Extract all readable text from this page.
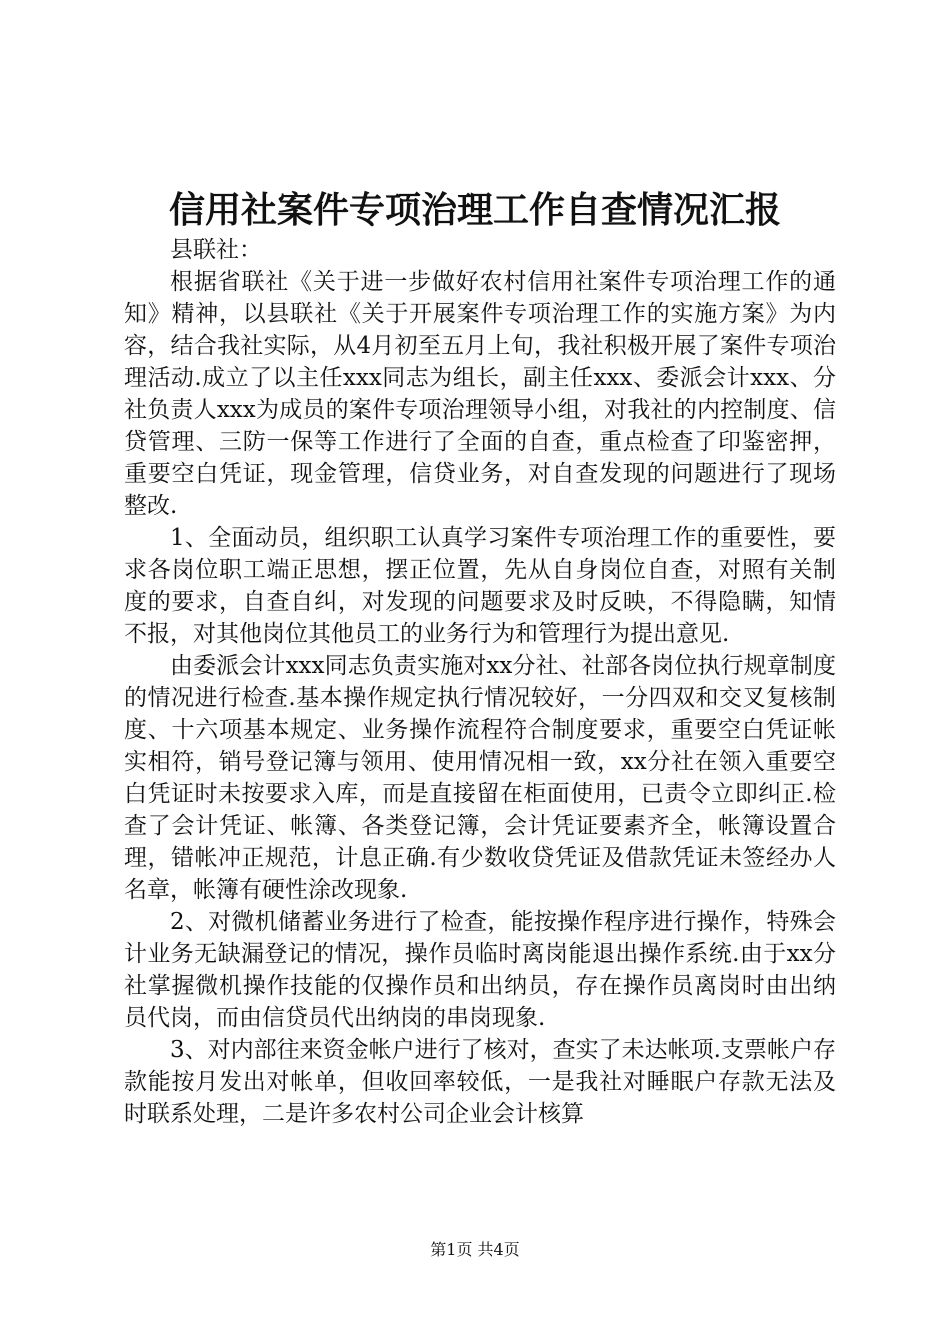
信用社案件专项治理工作自查情况汇报

县联社：

根据省联社《关于进一步做好农村信用社案件专项治理工作的通知》精神，以县联社《关于开展案件专项治理工作的实施方案》为内容，结合我社实际，从4月初至五月上旬，我社积极开展了案件专项治理活动.成立了以主任xxx同志为组长，副主任xxx、委派会计xxx、分社负责人xxx为成员的案件专项治理领导小组，对我社的内控制度、信贷管理、三防一保等工作进行了全面的自查，重点检查了印鉴密押，重要空白凭证，现金管理，信贷业务，对自查发现的问题进行了现场整改.

1、全面动员，组织职工认真学习案件专项治理工作的重要性，要求各岗位职工端正思想，摆正位置，先从自身岗位自查，对照有关制度的要求，自查自纠，对发现的问题要求及时反映，不得隐瞒，知情不报，对其他岗位其他员工的业务行为和管理行为提出意见.

由委派会计xxx同志负责实施对xx分社、社部各岗位执行规章制度的情况进行检查.基本操作规定执行情况较好，一分四双和交叉复核制度、十六项基本规定、业务操作流程符合制度要求，重要空白凭证帐实相符，销号登记簿与领用、使用情况相一致，xx分社在领入重要空白凭证时未按要求入库，而是直接留在柜面使用，已责令立即纠正.检查了会计凭证、帐簿、各类登记簿，会计凭证要素齐全，帐簿设置合理，错帐冲正规范，计息正确.有少数收贷凭证及借款凭证未签经办人名章，帐簿有硬性涂改现象.

2、对微机储蓄业务进行了检查，能按操作程序进行操作，特殊会计业务无缺漏登记的情况，操作员临时离岗能退出操作系统.由于xx分社掌握微机操作技能的仅操作员和出纳员，存在操作员离岗时由出纳员代岗，而由信贷员代出纳岗的串岗现象.

3、对内部往来资金帐户进行了核对，查实了未达帐项.支票帐户存款能按月发出对帐单，但收回率较低，一是我社对睡眠户存款无法及时联系处理，二是许多农村公司企业会计核算

第1页 共4页
